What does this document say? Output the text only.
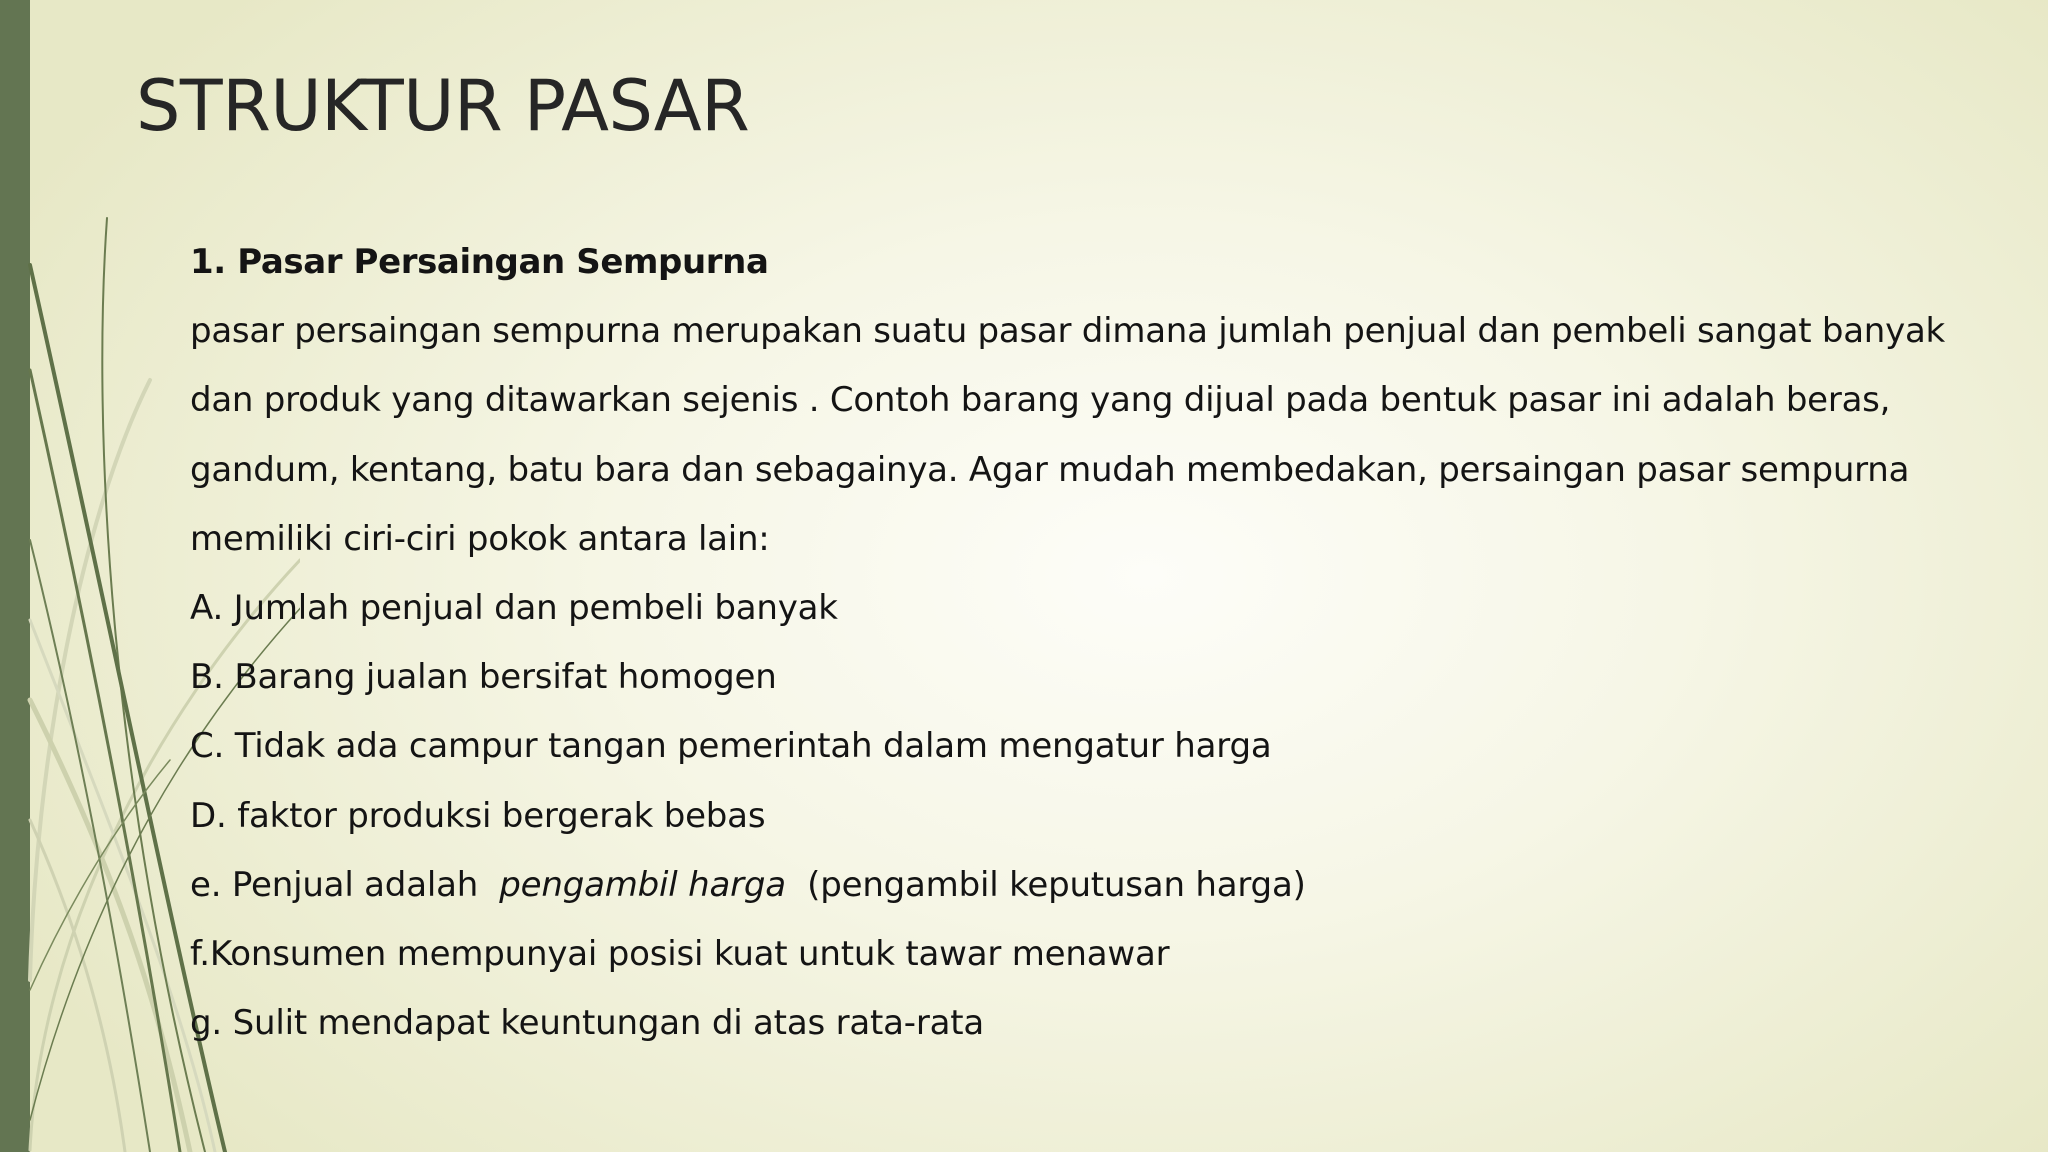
STRUKTUR PASAR

1. Pasar Persaingan Sempurna

pasar persaingan sempurna merupakan suatu pasar dimana jumlah penjual dan pembeli sangat banyak
dan produk yang ditawarkan sejenis . Contoh barang yang dijual pada bentuk pasar ini adalah beras,
gandum, kentang, batu bara dan sebagainya. Agar mudah membedakan, persaingan pasar sempurna
memiliki ciri-ciri pokok antara lain:

A. Jumlah penjual dan pembeli banyak

B. Barang jualan bersifat homogen

C. Tidak ada campur tangan pemerintah dalam mengatur harga

D. faktor produksi bergerak bebas

e. Penjual adalah  pengambil harga  (pengambil keputusan harga)

f.Konsumen mempunyai posisi kuat untuk tawar menawar

g. Sulit mendapat keuntungan di atas rata-rata
